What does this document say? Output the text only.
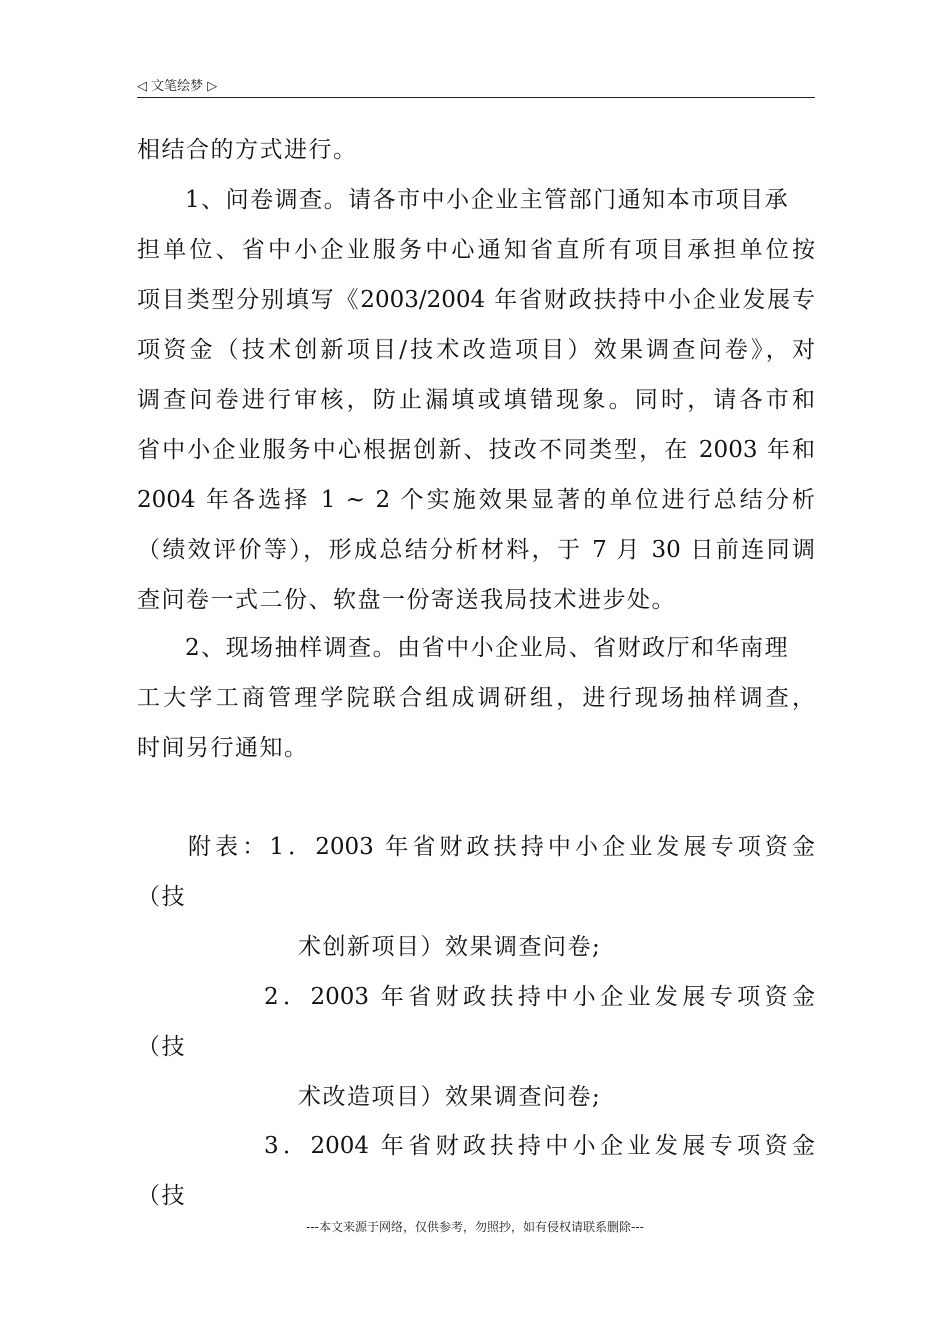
◁ 文笔绘梦 ▷
相结合的方式进行。
1、问卷调查。请各市中小企业主管部门通知本市项目承
担单位、省中小企业服务中心通知省直所有项目承担单位按
项目类型分别填写《2003/2004 年省财政扶持中小企业发展专
项资金（技术创新项目/技术改造项目）效果调查问卷》，对
调查问卷进行审核，防止漏填或填错现象。同时，请各市和
省中小企业服务中心根据创新、技改不同类型，在 2003 年和
2004 年各选择 1 ~ 2 个实施效果显著的单位进行总结分析
（绩效评价等），形成总结分析材料，于 7 月 30 日前连同调
查问卷一式二份、软盘一份寄送我局技术进步处。
2、现场抽样调查。由省中小企业局、省财政厅和华南理
工大学工商管理学院联合组成调研组，进行现场抽样调查，
时间另行通知。
附表：1．2003 年省财政扶持中小企业发展专项资金
（技
术创新项目）效果调查问卷;
2．2003 年省财政扶持中小企业发展专项资金
（技
术改造项目）效果调查问卷;
3．2004 年省财政扶持中小企业发展专项资金
（技
---本文来源于网络，仅供参考，勿照抄，如有侵权请联系删除---
